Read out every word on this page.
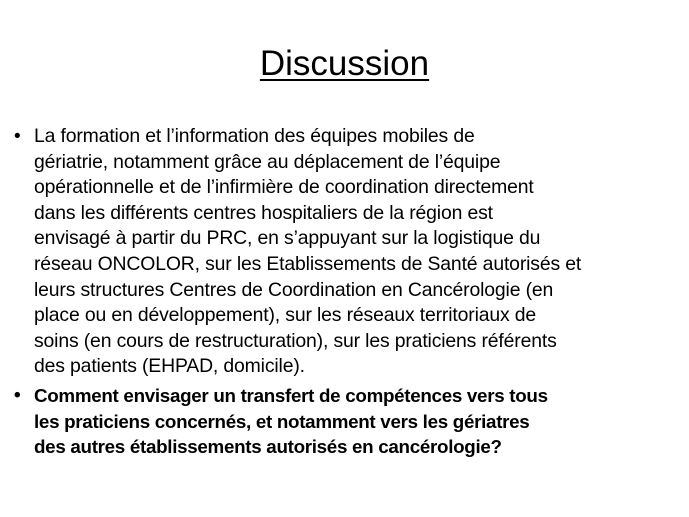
Discussion
• La formation et l’information des équipes mobiles de
gériatrie, notamment grâce au déplacement de l’équipe
opérationnelle et de l’infirmière de coordination directement
dans les différents centres hospitaliers de la région est
envisagé à partir du PRC, en s’appuyant sur la logistique du
réseau ONCOLOR, sur les Etablissements de Santé autorisés et
leurs structures Centres de Coordination en Cancérologie (en
place ou en développement), sur les réseaux territoriaux de
soins (en cours de restructuration), sur les praticiens référents
des patients (EHPAD, domicile).
• Comment envisager un transfert de compétences vers tous
les praticiens concernés, et notamment vers les gériatres
des autres établissements autorisés en cancérologie?
